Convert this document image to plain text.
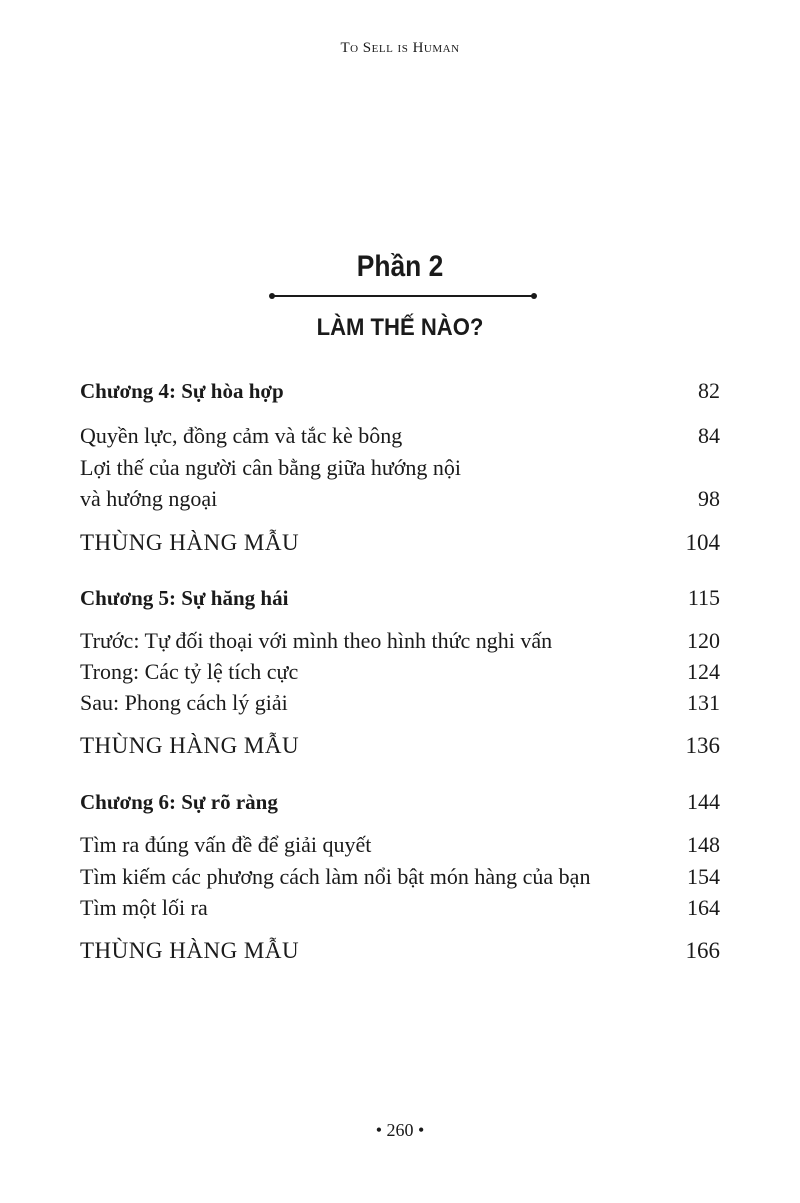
To Sell is Human
Phần 2
LÀM THẾ NÀO?
Chương 4: Sự hòa hợp	82
Quyền lực, đồng cảm và tắc kè bông	84
Lợi thế của người cân bằng giữa hướng nội
và hướng ngoại	98
THÙNG HÀNG MẪU	104
Chương 5: Sự hăng hái	115
Trước: Tự đối thoại với mình theo hình thức nghi vấn	120
Trong: Các tỷ lệ tích cực	124
Sau: Phong cách lý giải	131
THÙNG HÀNG MẪU	136
Chương 6: Sự rõ ràng	144
Tìm ra đúng vấn đề để giải quyết	148
Tìm kiếm các phương cách làm nổi bật món hàng của bạn	154
Tìm một lối ra	164
THÙNG HÀNG MẪU	166
• 260 •
